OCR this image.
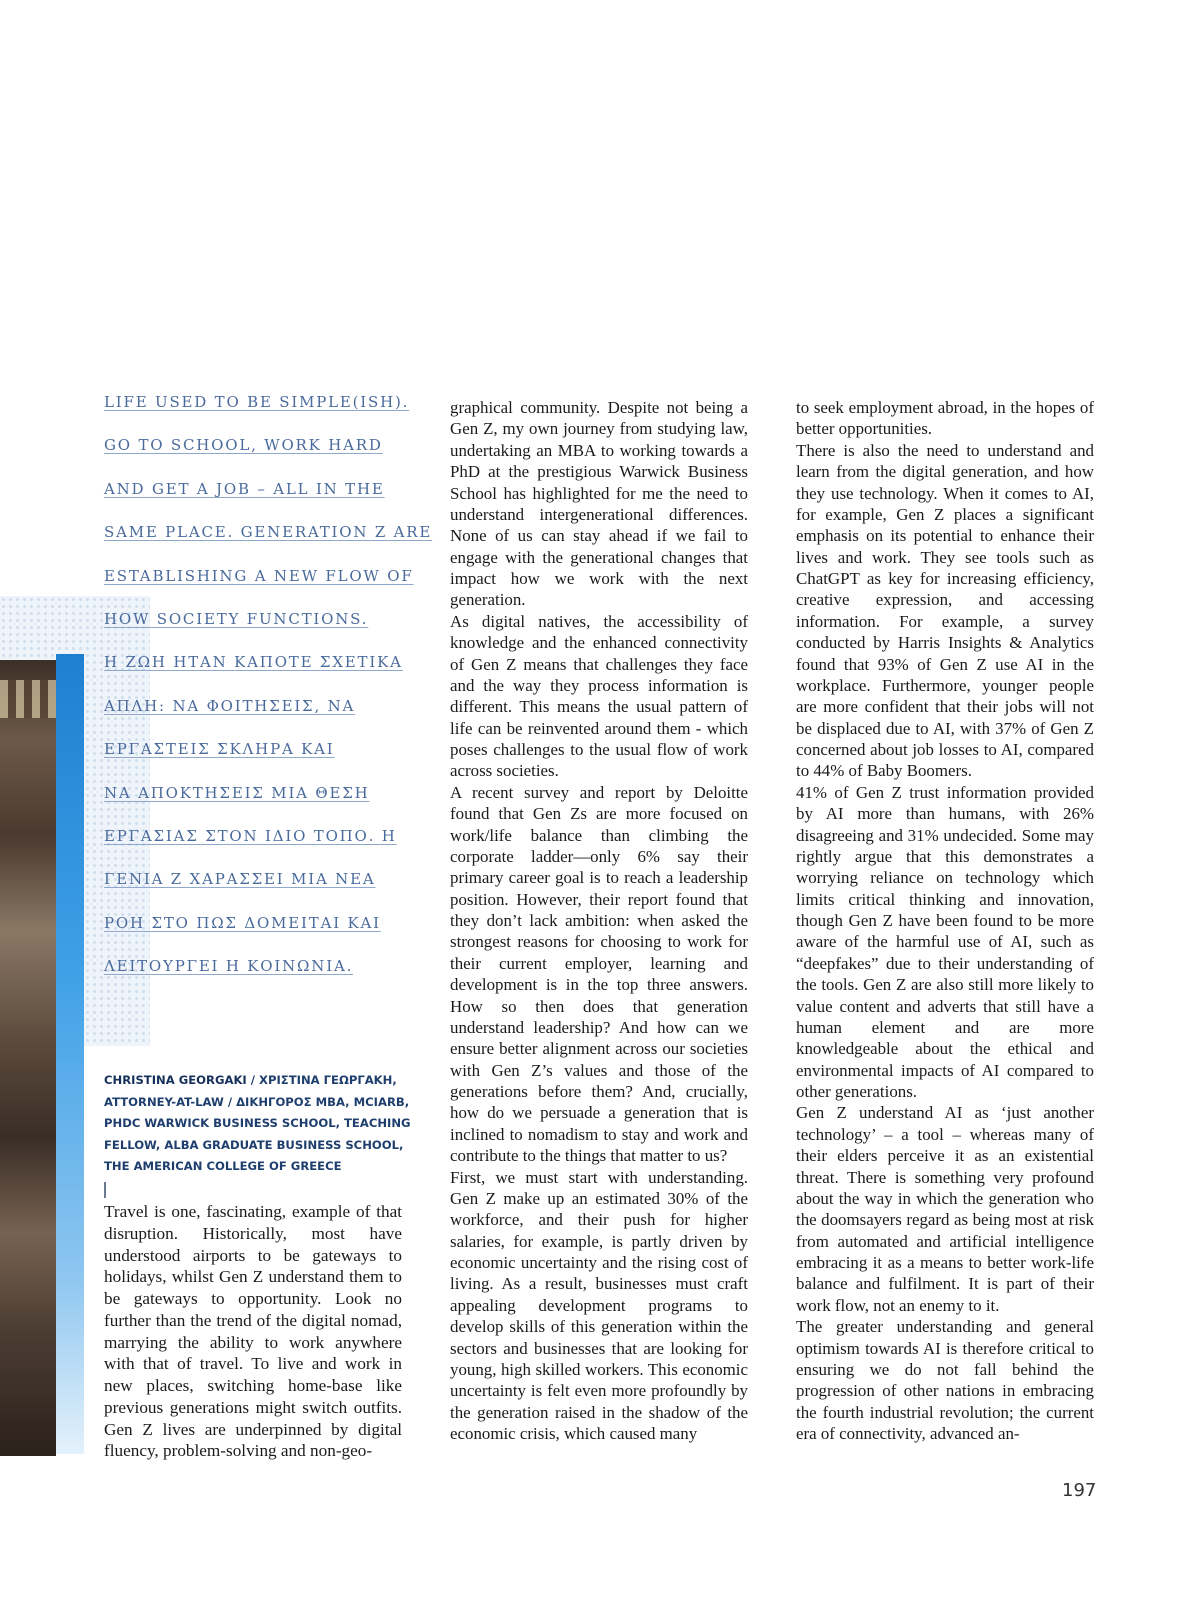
LIFE USED TO BE SIMPLE(ISH).
GO TO SCHOOL, WORK HARD
AND GET A JOB – ALL IN THE
SAME PLACE. GENERATION Z ARE
ESTABLISHING A NEW FLOW OF
HOW SOCIETY FUNCTIONS.
Η ΖΩΗ ΗΤΑΝ ΚΑΠΟΤΕ ΣΧΕΤΙΚΑ
ΑΠΛΗ: ΝΑ ΦΟΙΤΗΣΕΙΣ, ΝΑ
ΕΡΓΑΣΤΕΙΣ ΣΚΛΗΡΑ ΚΑΙ
ΝΑ ΑΠΟΚΤΗΣΕΙΣ ΜΙΑ ΘΕΣΗ
ΕΡΓΑΣΙΑΣ ΣΤΟΝ ΙΔΙΟ ΤΟΠΟ. Η
ΓΕΝΙΑ Ζ ΧΑΡΑΣΣΕΙ ΜΙΑ ΝΕΑ
ΡΟΗ ΣΤΟ ΠΩΣ ΔΟΜΕΙΤΑΙ ΚΑΙ
ΛΕΙΤΟΥΡΓΕΙ Η ΚΟΙΝΩΝΙΑ.
CHRISTINA GEORGAKI / ΧΡΙΣΤΙΝΑ ΓΕΩΡΓΑΚΗ, ATTORNEY-AT-LAW / ΔΙΚΗΓΟΡΟΣ MBA, MCIARB, PHDC WARWICK BUSINESS SCHOOL, TEACHING FELLOW, ALBA GRADUATE BUSINESS SCHOOL, THE AMERICAN COLLEGE OF GREECE

Travel is one, fascinating, example of that disruption. Historically, most have understood airports to be gateways to holidays, whilst Gen Z understand them to be gateways to opportunity. Look no further than the trend of the digital nomad, marrying the ability to work anywhere with that of travel. To live and work in new places, switching home-base like previous generations might switch outfits. Gen Z lives are underpinned by digital fluency, problem-solving and non-geo-

graphical community. Despite not being a Gen Z, my own journey from studying law, undertaking an MBA to working towards a PhD at the prestigious Warwick Business School has highlighted for me the need to understand intergenerational differences. None of us can stay ahead if we fail to engage with the generational changes that impact how we work with the next generation.

As digital natives, the accessibility of knowledge and the enhanced connectivity of Gen Z means that challenges they face and the way they process information is different. This means the usual pattern of life can be reinvented around them - which poses challenges to the usual flow of work across societies.

A recent survey and report by Deloitte found that Gen Zs are more focused on work/life balance than climbing the corporate ladder—only 6% say their primary career goal is to reach a leadership position. However, their report found that they don’t lack ambition: when asked the strongest reasons for choosing to work for their current employer, learning and development is in the top three answers. How so then does that generation understand leadership? And how can we ensure better alignment across our societies with Gen Z’s values and those of the generations before them? And, crucially, how do we persuade a generation that is inclined to nomadism to stay and work and contribute to the things that matter to us?

First, we must start with understanding. Gen Z make up an estimated 30% of the workforce, and their push for higher salaries, for example, is partly driven by economic uncertainty and the rising cost of living. As a result, businesses must craft appealing development programs to develop skills of this generation within the sectors and businesses that are looking for young, high skilled workers. This economic uncertainty is felt even more profoundly by the generation raised in the shadow of the economic crisis, which caused many

to seek employment abroad, in the hopes of better opportunities.

There is also the need to understand and learn from the digital generation, and how they use technology. When it comes to AI, for example, Gen Z places a significant emphasis on its potential to enhance their lives and work. They see tools such as ChatGPT as key for increasing efficiency, creative expression, and accessing information. For example, a survey conducted by Harris Insights & Analytics found that 93% of Gen Z use AI in the workplace. Furthermore, younger people are more confident that their jobs will not be displaced due to AI, with 37% of Gen Z concerned about job losses to AI, compared to 44% of Baby Boomers.

41% of Gen Z trust information provided by AI more than humans, with 26% disagreeing and 31% undecided. Some may rightly argue that this demonstrates a worrying reliance on technology which limits critical thinking and innovation, though Gen Z have been found to be more aware of the harmful use of AI, such as “deepfakes” due to their understanding of the tools. Gen Z are also still more likely to value content and adverts that still have a human element and are more knowledgeable about the ethical and environmental impacts of AI compared to other generations.

Gen Z understand AI as ‘just another technology’ – a tool – whereas many of their elders perceive it as an existential threat. There is something very profound about the way in which the generation who the doomsayers regard as being most at risk from automated and artificial intelligence embracing it as a means to better work-life balance and fulfilment. It is part of their work flow, not an enemy to it.

The greater understanding and general optimism towards AI is therefore critical to ensuring we do not fall behind the progression of other nations in embracing the fourth industrial revolution; the current era of connectivity, advanced an-

197
